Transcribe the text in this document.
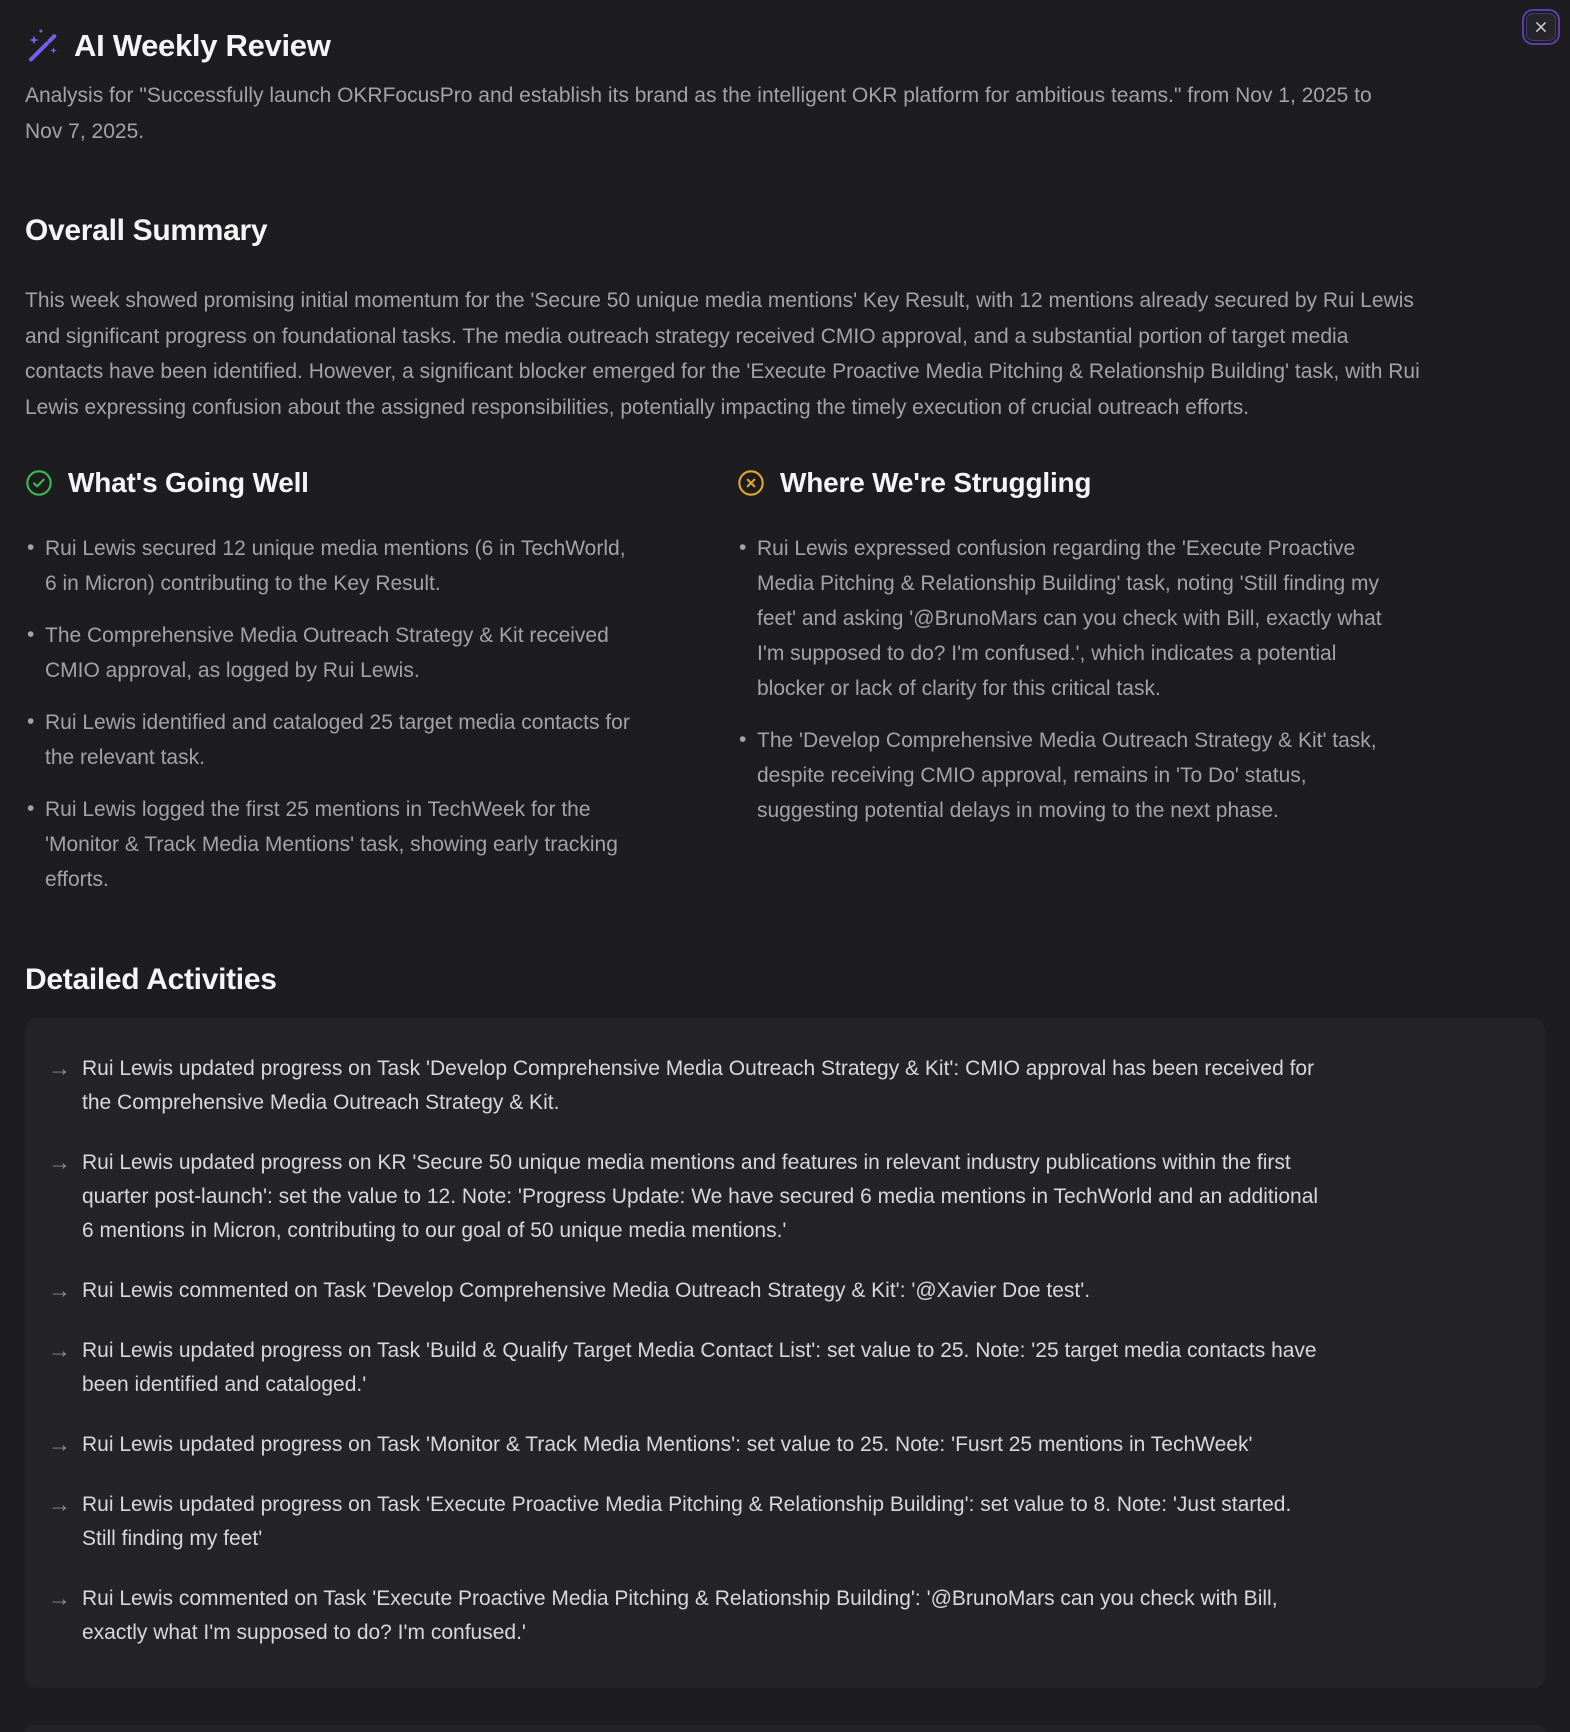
AI Weekly Review

Analysis for "Successfully launch OKRFocusPro and establish its brand as the intelligent OKR platform for ambitious teams." from Nov 1, 2025 to Nov 7, 2025.

Overall Summary

This week showed promising initial momentum for the 'Secure 50 unique media mentions' Key Result, with 12 mentions already secured by Rui Lewis and significant progress on foundational tasks. The media outreach strategy received CMIO approval, and a substantial portion of target media contacts have been identified. However, a significant blocker emerged for the 'Execute Proactive Media Pitching & Relationship Building' task, with Rui Lewis expressing confusion about the assigned responsibilities, potentially impacting the timely execution of crucial outreach efforts.

What's Going Well
• Rui Lewis secured 12 unique media mentions (6 in TechWorld, 6 in Micron) contributing to the Key Result.
• The Comprehensive Media Outreach Strategy & Kit received CMIO approval, as logged by Rui Lewis.
• Rui Lewis identified and cataloged 25 target media contacts for the relevant task.
• Rui Lewis logged the first 25 mentions in TechWeek for the 'Monitor & Track Media Mentions' task, showing early tracking efforts.
Where We're Struggling
• Rui Lewis expressed confusion regarding the 'Execute Proactive Media Pitching & Relationship Building' task, noting 'Still finding my feet' and asking '@BrunoMars can you check with Bill, exactly what I'm supposed to do? I'm confused.', which indicates a potential blocker or lack of clarity for this critical task.
• The 'Develop Comprehensive Media Outreach Strategy & Kit' task, despite receiving CMIO approval, remains in 'To Do' status, suggesting potential delays in moving to the next phase.
Detailed Activities
→ Rui Lewis updated progress on Task 'Develop Comprehensive Media Outreach Strategy & Kit': CMIO approval has been received for the Comprehensive Media Outreach Strategy & Kit.
→ Rui Lewis updated progress on KR 'Secure 50 unique media mentions and features in relevant industry publications within the first quarter post-launch': set the value to 12. Note: 'Progress Update: We have secured 6 media mentions in TechWorld and an additional 6 mentions in Micron, contributing to our goal of 50 unique media mentions.'
→ Rui Lewis commented on Task 'Develop Comprehensive Media Outreach Strategy & Kit': '@Xavier Doe test'.
→ Rui Lewis updated progress on Task 'Build & Qualify Target Media Contact List': set value to 25. Note: '25 target media contacts have been identified and cataloged.'
→ Rui Lewis updated progress on Task 'Monitor & Track Media Mentions': set value to 25. Note: 'Fusrt 25 mentions in TechWeek'
→ Rui Lewis updated progress on Task 'Execute Proactive Media Pitching & Relationship Building': set value to 8. Note: 'Just started. Still finding my feet'
→ Rui Lewis commented on Task 'Execute Proactive Media Pitching & Relationship Building': '@BrunoMars can you check with Bill, exactly what I'm supposed to do? I'm confused.'
